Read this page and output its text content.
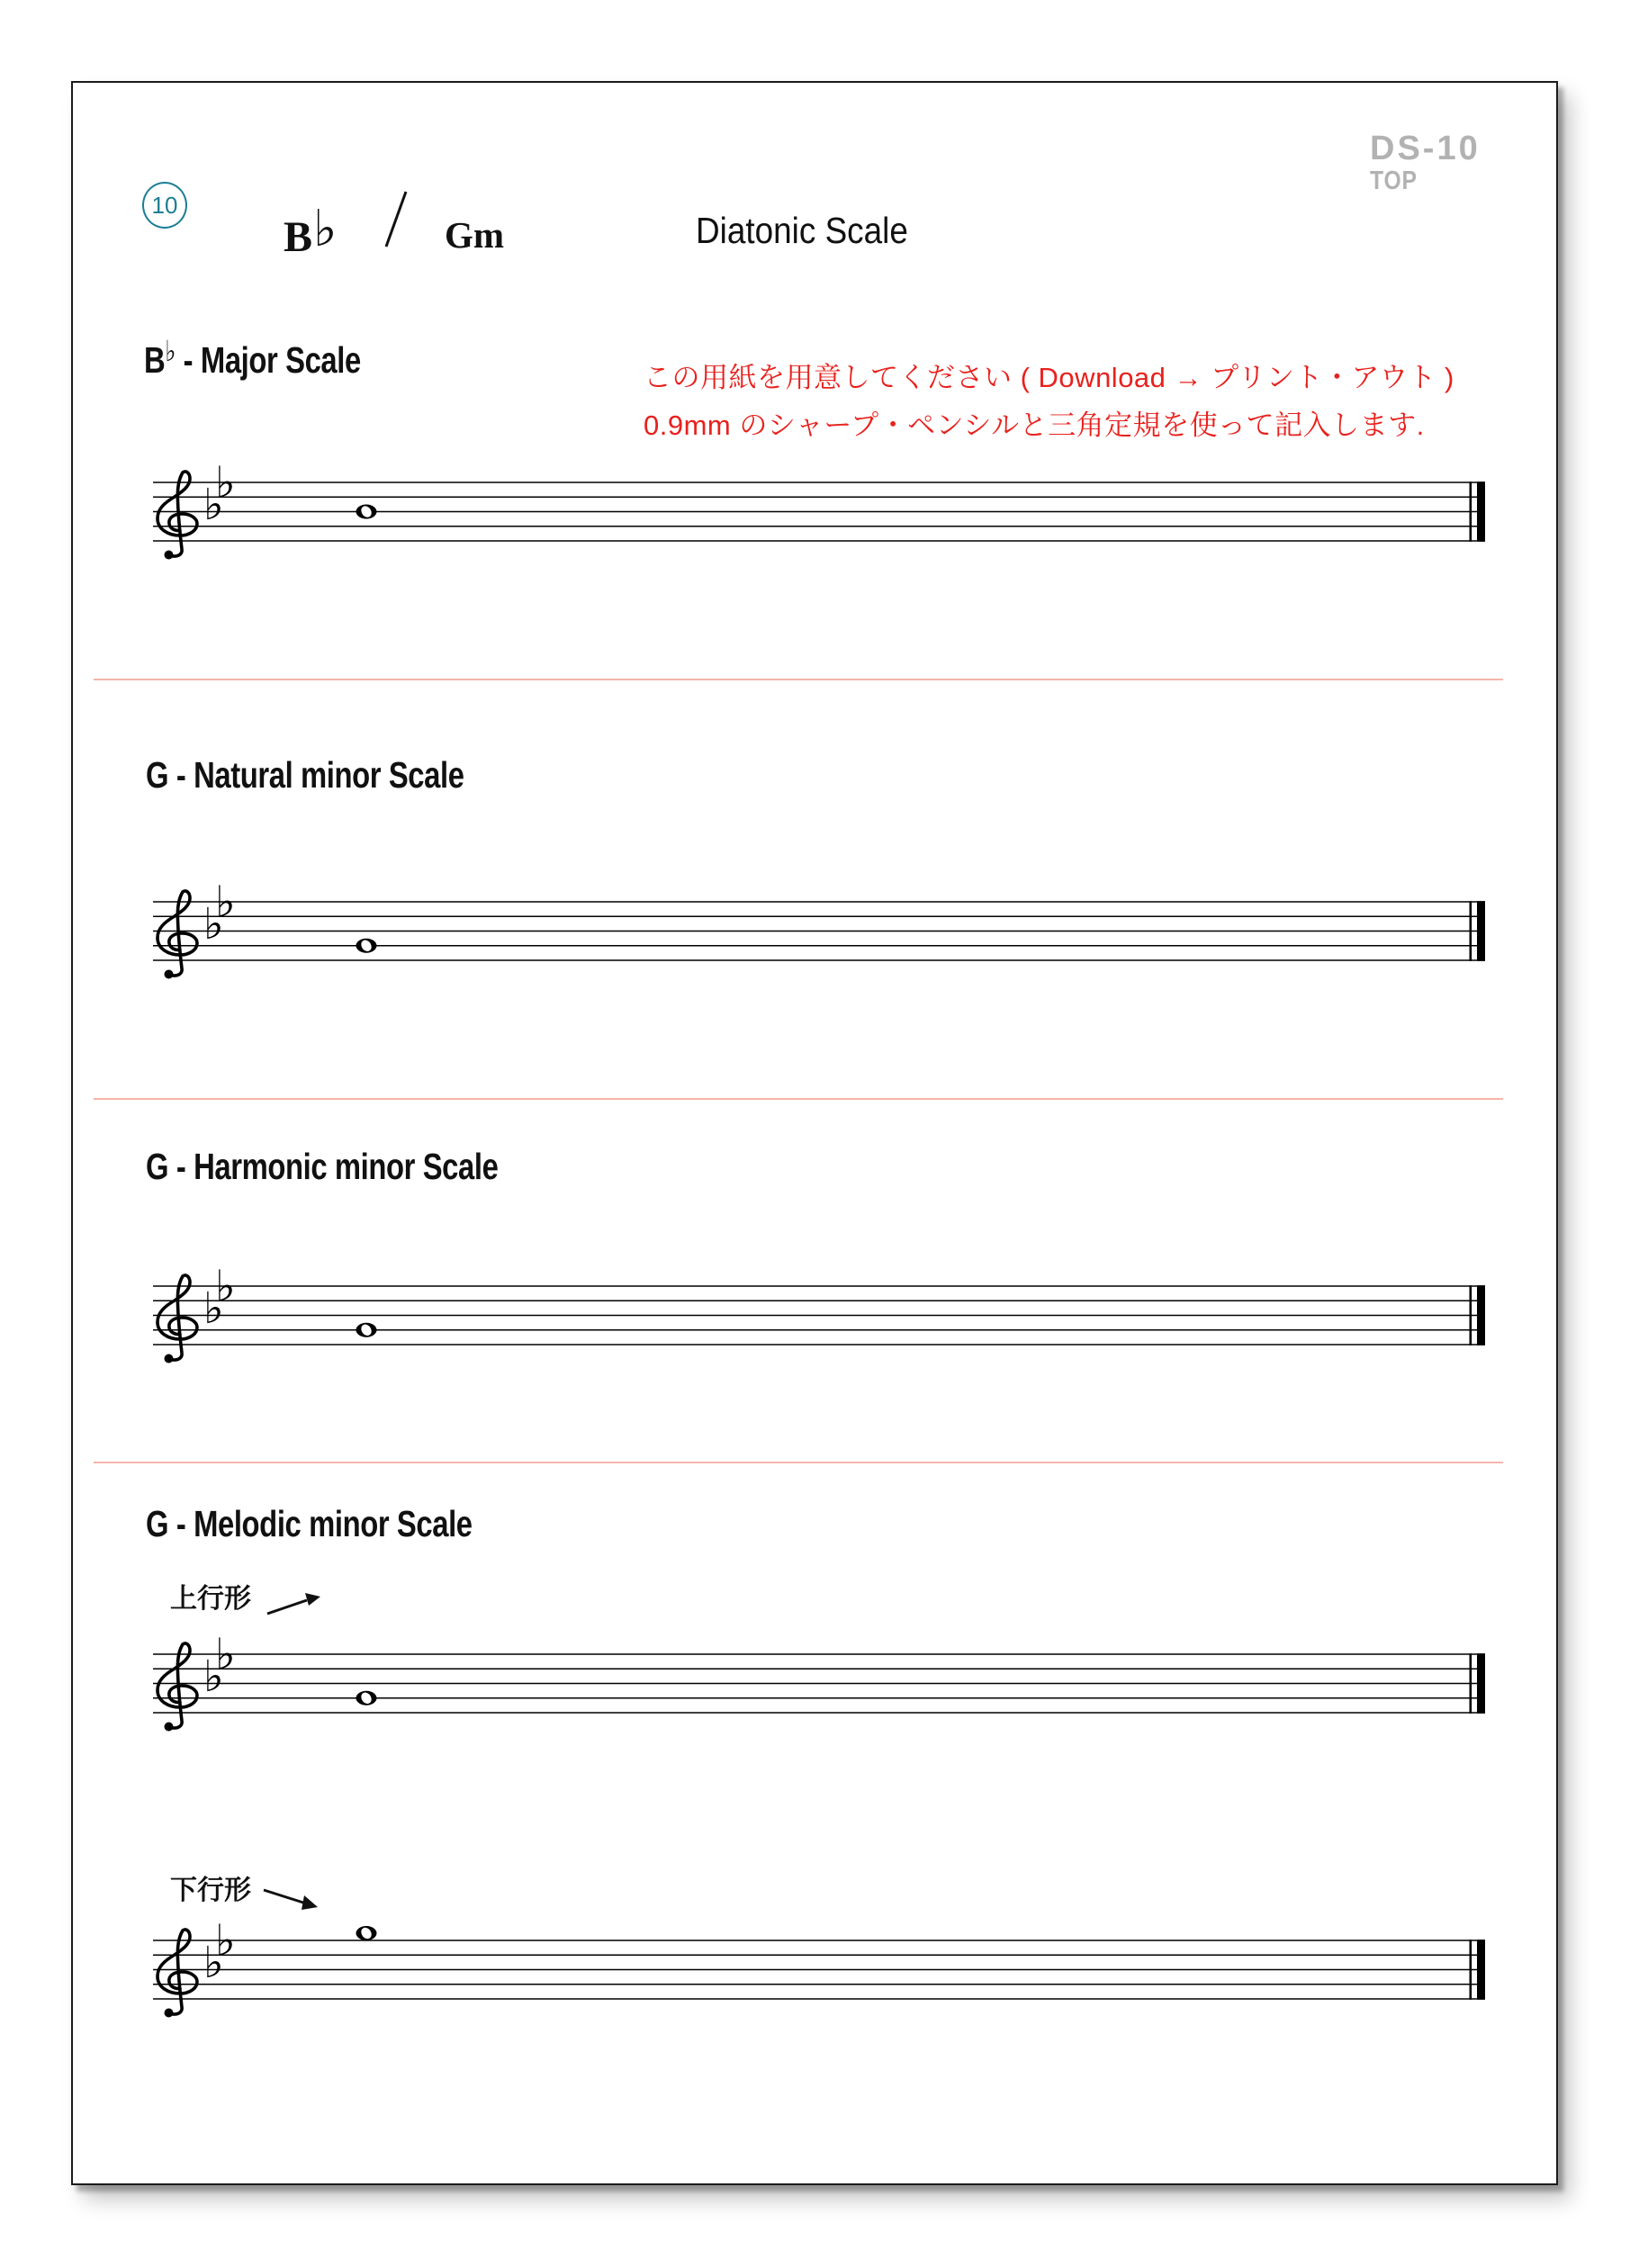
10
B♭	Gm	Diatonic Scale
DS-10
TOP
この用紙を用意してください ( Download → プリント・アウト )
0.9mm のシャープ・ペンシルと三角定規を使って記入します.
B♭ - Major Scale
G - Natural minor Scale
G - Harmonic minor Scale
G - Melodic minor Scale
上行形
下行形
♭
♭
♭
♭
♭
♭
♭
♭
♭
♭
